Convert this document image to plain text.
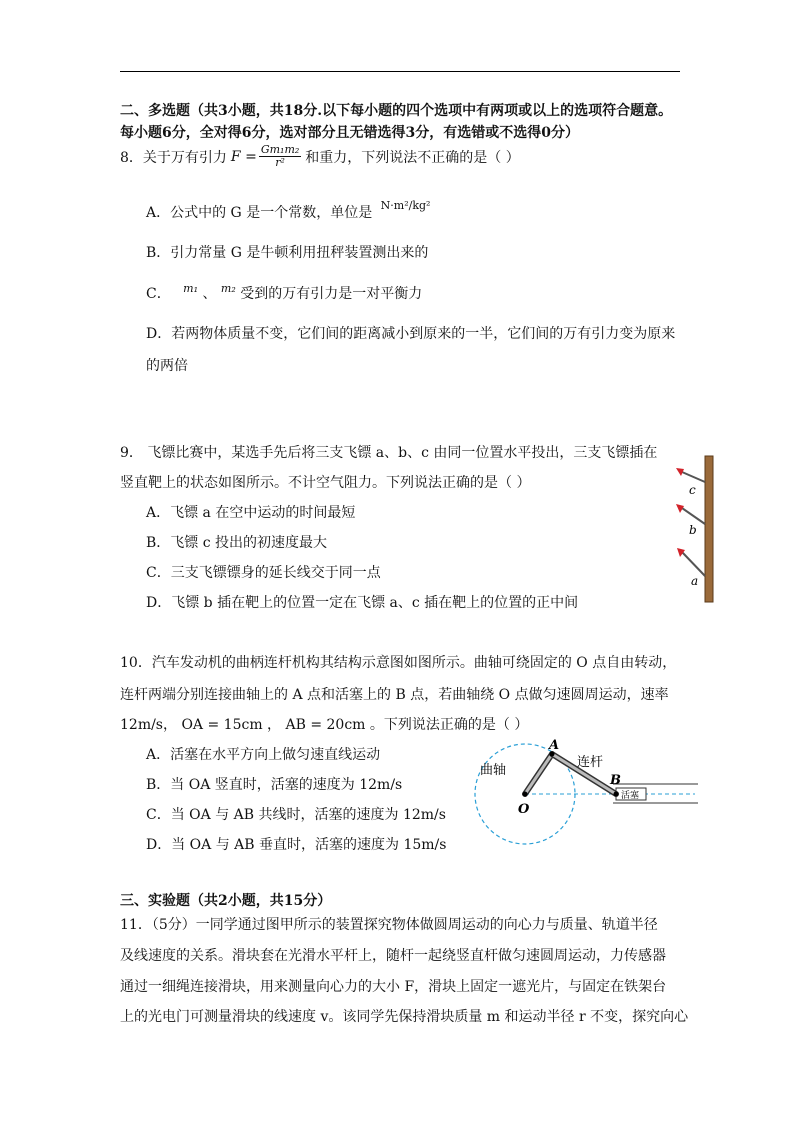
二、多选题（共3小题，共18分.以下每小题的四个选项中有两项或以上的选项符合题意。
每小题6分，全对得6分，选对部分且无错选得3分，有选错或不选得0分）
8．关于万有引力 $F = \frac{\text{Gm₁m₂}}{\text{r²}}$ 和重力，下列说法不正确的是（ ）
A．公式中的 G 是一个常数，单位是 $^{N\cdot m^2/kg^2}$
B．引力常量 G 是牛顿利用扭秤装置测出来的
C． $^{m_1}$ 、 $^{m_2}$ 受到的万有引力是一对平衡力
D．若两物体质量不变，它们间的距离减小到原来的一半，它们间的万有引力变为原来
的两倍
9． 飞镖比赛中，某选手先后将三支飞镖 a、b、c 由同一位置水平投出，三支飞镖插在
竖直靶上的状态如图所示。不计空气阻力。下列说法正确的是（ ）
A．飞镖 a 在空中运动的时间最短
B．飞镖 c 投出的初速度最大
C．三支飞镖镖身的延长线交于同一点
D．飞镖 b 插在靶上的位置一定在飞镖 a、c 插在靶上的位置的正中间
c
b
a
10．汽车发动机的曲柄连杆机构其结构示意图如图所示。曲轴可绕固定的 O 点自由转动，
连杆两端分别连接曲轴上的 A 点和活塞上的 B 点，若曲轴绕 O 点做匀速圆周运动，速率
12m/s， OA = 15cm ， AB = 20cm 。下列说法正确的是（ ）
A．活塞在水平方向上做匀速直线运动
B．当 OA 竖直时，活塞的速度为 12m/s
C．当 OA 与 AB 共线时，活塞的速度为 12m/s
D．当 OA 与 AB 垂直时，活塞的速度为 15m/s
A
曲轴
连杆
B
活塞
O
三、实验题（共2小题，共15分）
11．（5分）一同学通过图甲所示的装置探究物体做圆周运动的向心力与质量、轨道半径
及线速度的关系。滑块套在光滑水平杆上，随杆一起绕竖直杆做匀速圆周运动，力传感器
通过一细绳连接滑块，用来测量向心力的大小 F，滑块上固定一遮光片，与固定在铁架台
上的光电门可测量滑块的线速度 v。该同学先保持滑块质量 m 和运动半径 r 不变，探究向心
